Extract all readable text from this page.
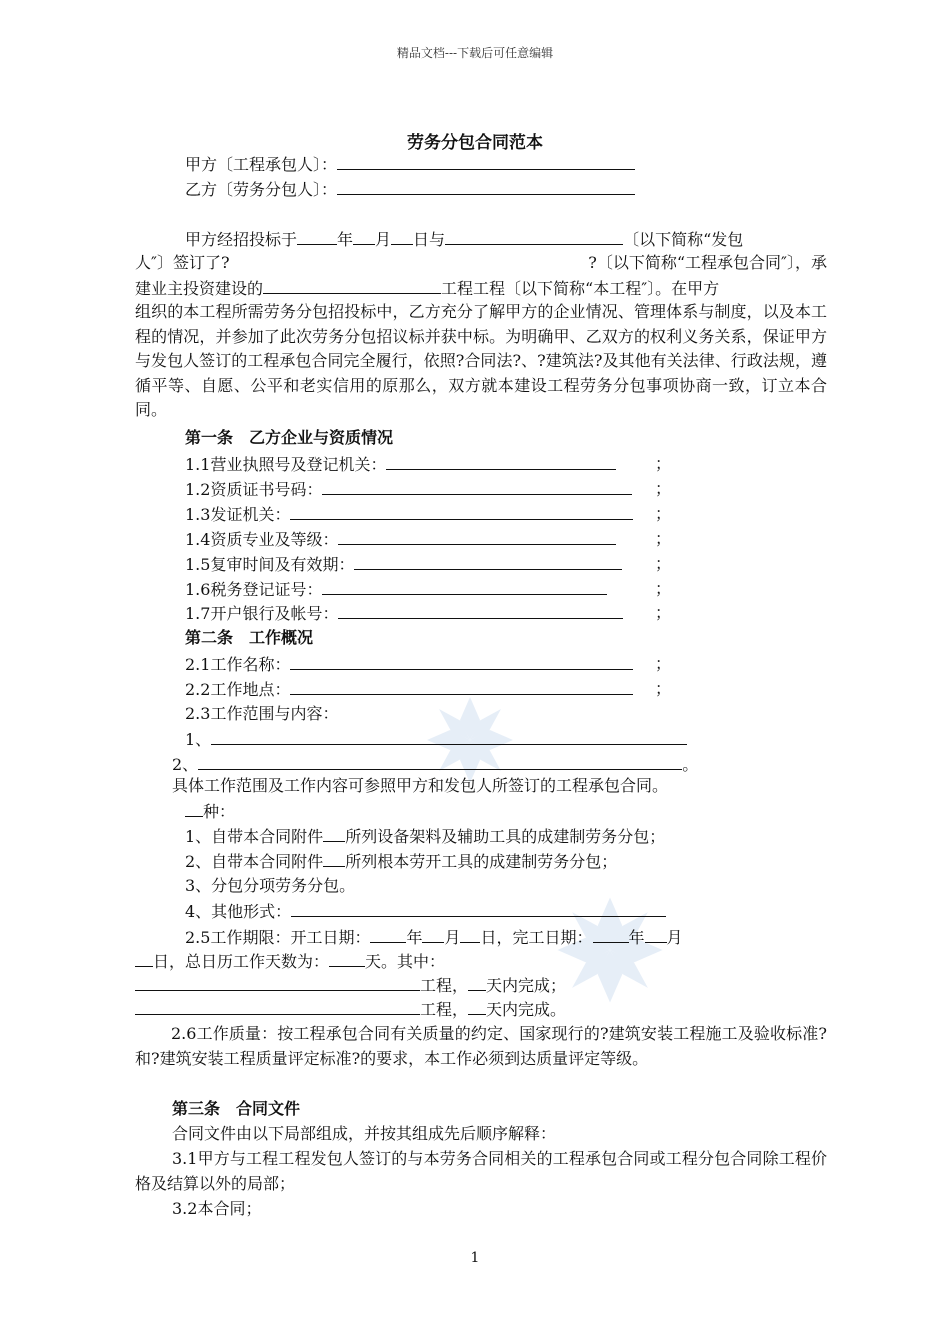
精品文档---下载后可任意编辑
劳务分包合同范本
甲方〔工程承包人〕：
乙方〔劳务分包人〕：
甲方经招投标于	年 月 日与	〔以下简称“发包
人″〕签订了?	?〔以下简称“工程承包合同″〕，承
建业主投资建设的	工程工程〔以下简称“本工程″〕。在甲方
组织的本工程所需劳务分包招投标中，乙方充分了解甲方的企业情况、管理体系与制度，以及本工程的情况，并参加了此次劳务分包招议标并获中标。为明确甲、乙双方的权利义务关系，保证甲方与发包人签订的工程承包合同完全履行，依照?合同法?、?建筑法?及其他有关法律、行政法规，遵循平等、自愿、公平和老实信用的原那么，双方就本建设工程劳务分包事项协商一致，订立本合同。
第一条　乙方企业与资质情况
1.1营业执照号及登记机关：	；
1.2资质证书号码：	；
1.3发证机关：	；
1.4资质专业及等级：	；
1.5复审时间及有效期：	；
1.6税务登记证号：	；
1.7开户银行及帐号：	；
第二条　工作概况
2.1工作名称：	；
2.2工作地点：	；
2.3工作范围与内容：
1、
2、	。
具体工作范围及工作内容可参照甲方和发包人所签订的工程承包合同。
种：
1、自带本合同附件 所列设备架料及辅助工具的成建制劳务分包；
2、自带本合同附件 所列根本劳开工具的成建制劳务分包；
3、分包分项劳务分包。
4、其他形式：
2.5工作期限：开工日期： 年 月 日，完工日期： 年 月
日，总日历工作天数为： 天。其中：
工程， 天内完成；
工程， 天内完成。
2.6工作质量：按工程承包合同有关质量的约定、国家现行的?建筑安装工程施工及验收标准?和?建筑安装工程质量评定标准?的要求，本工作必须到达质量评定等级。
第三条　合同文件
合同文件由以下局部组成，并按其组成先后顺序解释：
3.1甲方与工程工程发包人签订的与本劳务合同相关的工程承包合同或工程分包合同除工程价格及结算以外的局部；
3.2本合同；
1
